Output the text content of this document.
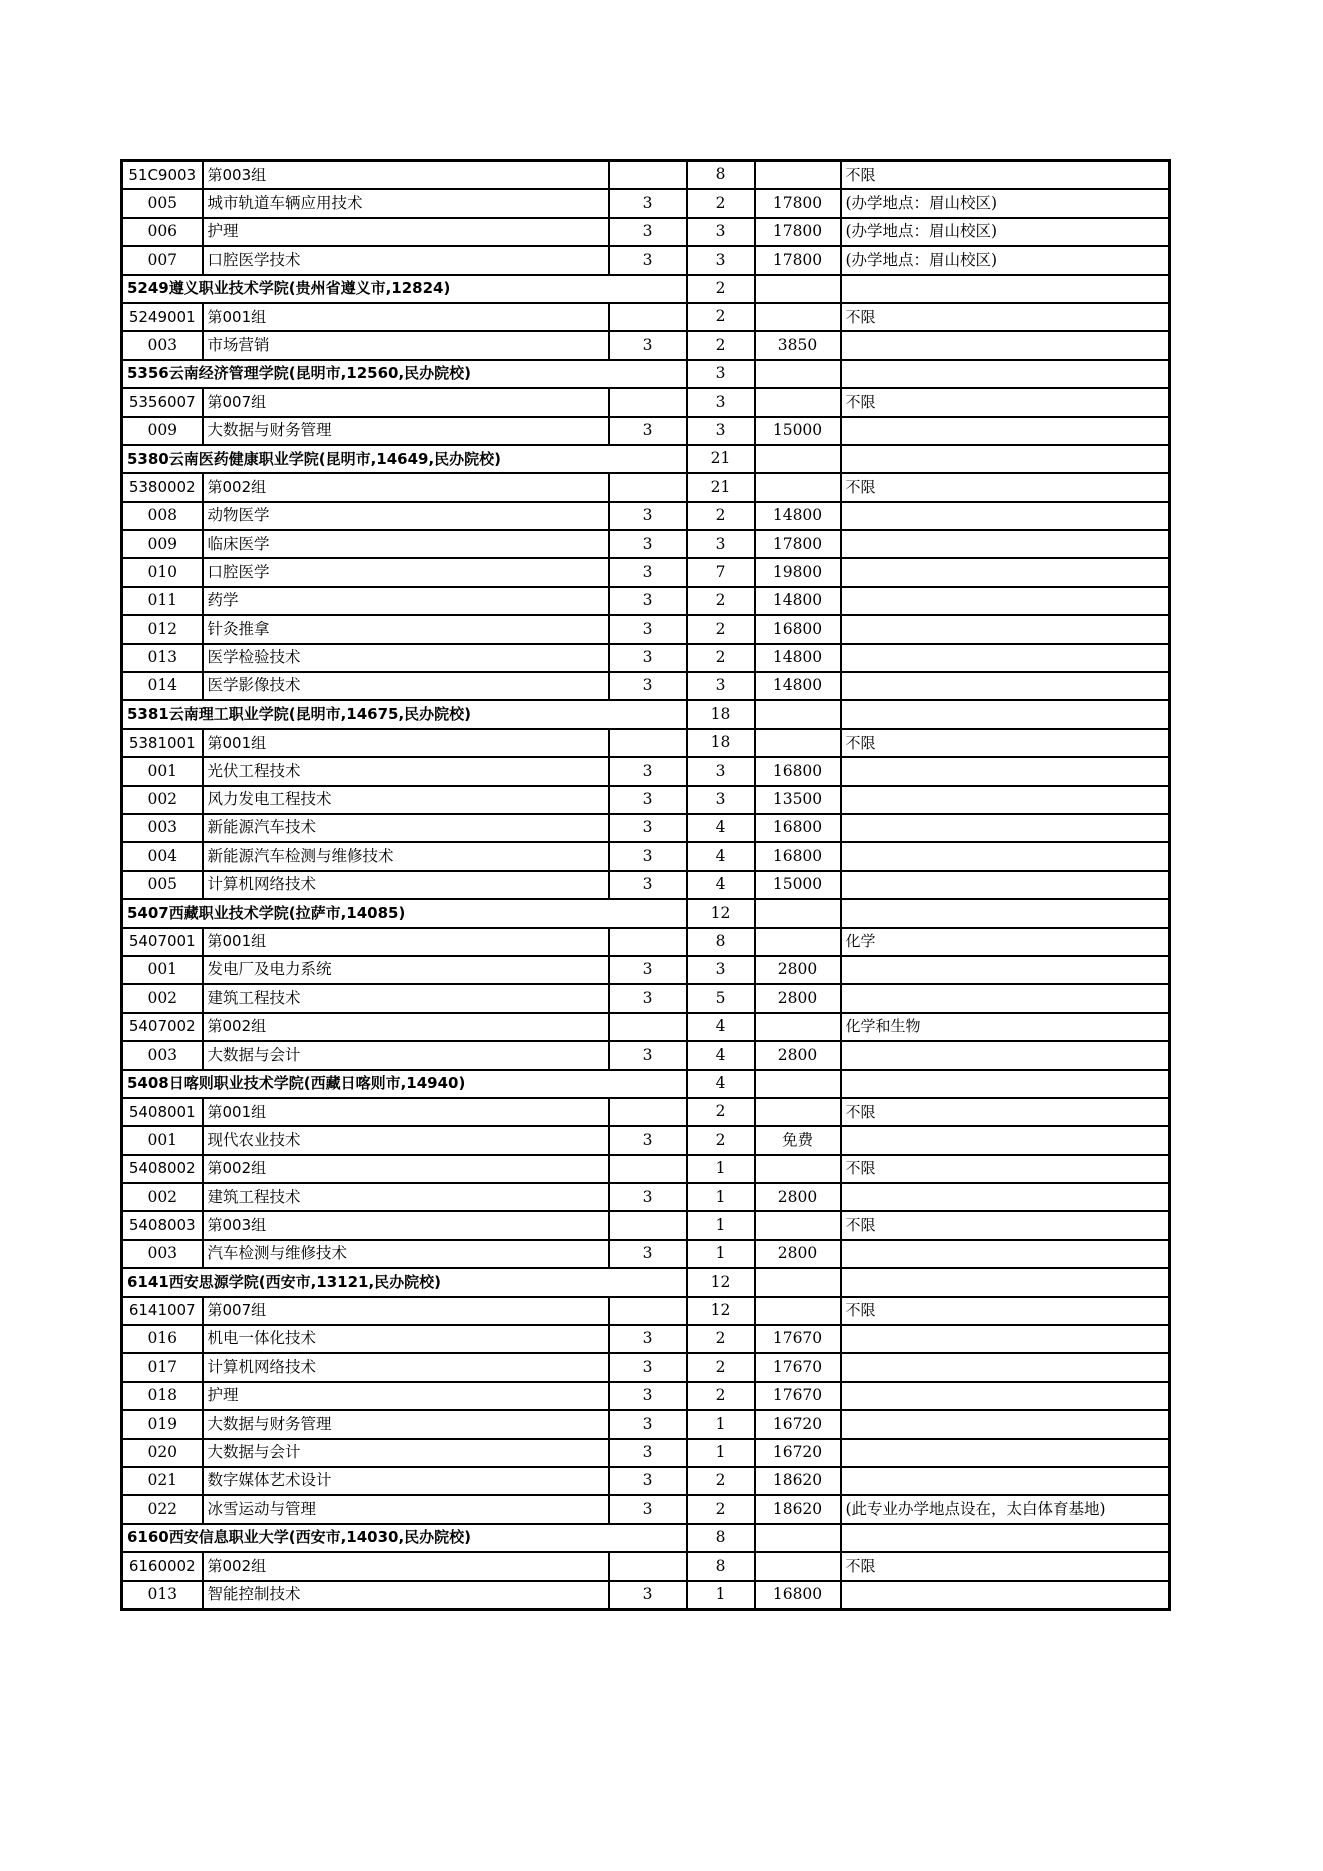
51C9003	第003组		8		不限
005	城市轨道车辆应用技术	3	2	17800	(办学地点：眉山校区)
006	护理	3	3	17800	(办学地点：眉山校区)
007	口腔医学技术	3	3	17800	(办学地点：眉山校区)
5249遵义职业技术学院(贵州省遵义市,12824)			2		
5249001	第001组		2		不限
003	市场营销	3	2	3850	
5356云南经济管理学院(昆明市,12560,民办院校)			3		
5356007	第007组		3		不限
009	大数据与财务管理	3	3	15000	
5380云南医药健康职业学院(昆明市,14649,民办院校)			21		
5380002	第002组		21		不限
008	动物医学	3	2	14800	
009	临床医学	3	3	17800	
010	口腔医学	3	7	19800	
011	药学	3	2	14800	
012	针灸推拿	3	2	16800	
013	医学检验技术	3	2	14800	
014	医学影像技术	3	3	14800	
5381云南理工职业学院(昆明市,14675,民办院校)			18		
5381001	第001组		18		不限
001	光伏工程技术	3	3	16800	
002	风力发电工程技术	3	3	13500	
003	新能源汽车技术	3	4	16800	
004	新能源汽车检测与维修技术	3	4	16800	
005	计算机网络技术	3	4	15000	
5407西藏职业技术学院(拉萨市,14085)			12		
5407001	第001组		8		化学
001	发电厂及电力系统	3	3	2800	
002	建筑工程技术	3	5	2800	
5407002	第002组		4		化学和生物
003	大数据与会计	3	4	2800	
5408日喀则职业技术学院(西藏日喀则市,14940)			4		
5408001	第001组		2		不限
001	现代农业技术	3	2	免费	
5408002	第002组		1		不限
002	建筑工程技术	3	1	2800	
5408003	第003组		1		不限
003	汽车检测与维修技术	3	1	2800	
6141西安思源学院(西安市,13121,民办院校)			12		
6141007	第007组		12		不限
016	机电一体化技术	3	2	17670	
017	计算机网络技术	3	2	17670	
018	护理	3	2	17670	
019	大数据与财务管理	3	1	16720	
020	大数据与会计	3	1	16720	
021	数字媒体艺术设计	3	2	18620	
022	冰雪运动与管理	3	2	18620	(此专业办学地点设在，太白体育基地)
6160西安信息职业大学(西安市,14030,民办院校)			8		
6160002	第002组		8		不限
013	智能控制技术	3	1	16800	
